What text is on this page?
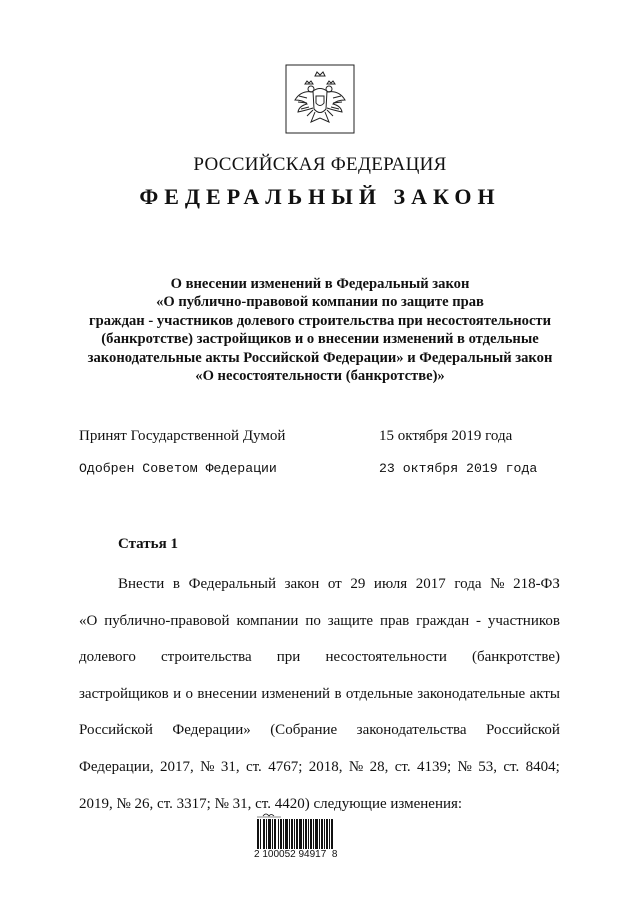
РОССИЙСКАЯ ФЕДЕРАЦИЯ
ФЕДЕРАЛЬНЫЙ ЗАКОН
О внесении изменений в Федеральный закон
«О публично-правовой компании по защите прав
граждан - участников долевого строительства при несостоятельности
(банкротстве) застройщиков и о внесении изменений в отдельные
законодательные акты Российской Федерации» и Федеральный закон
«О несостоятельности (банкротстве)»
Принят Государственной Думой	15 октября 2019 года
Одобрен Советом Федерации	23 октября 2019 года
Статья 1
Внести в Федеральный закон от 29 июля 2017 года № 218-ФЗ
«О публично-правовой компании по защите прав граждан - участников
долевого строительства при несостоятельности (банкротстве)
застройщиков и о внесении изменений в отдельные законодательные акты
Российской Федерации» (Собрание законодательства Российской
Федерации, 2017, № 31, ст. 4767; 2018, № 28, ст. 4139; № 53, ст. 8404;
2019, № 26, ст. 3317; № 31, ст. 4420) следующие изменения:
2 100052 94917  8
